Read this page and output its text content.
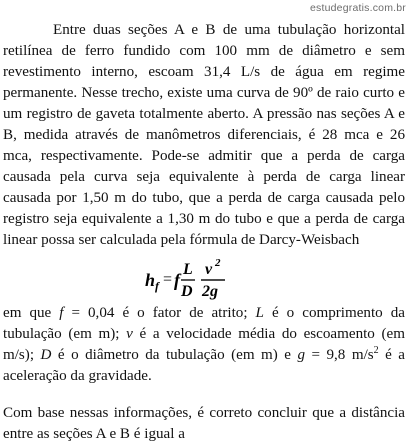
estudegratis.com.br

Entre duas seções A e B de uma tubulação horizontal retilínea de ferro fundido com 100 mm de diâmetro e sem revestimento interno, escoam 31,4 L/s de água em regime permanente. Nesse trecho, existe uma curva de 90º de raio curto e um registro de gaveta totalmente aberto. A pressão nas seções A e B, medida através de manômetros diferenciais, é 28 mca e 26 mca, respectivamente. Pode-se admitir que a perda de carga causada pela curva seja equivalente à perda de carga linear causada por 1,50 m do tubo, que a perda de carga causada pelo registro seja equivalente a 1,30 m do tubo e que a perda de carga linear possa ser calculada pela fórmula de Darcy-Weisbach

h f = f
L
D
v 2
2g

em que f = 0,04 é o fator de atrito; L é o comprimento da tubulação (em m); v é a velocidade média do escoamento (em m/s); D é o diâmetro da tubulação (em m) e g = 9,8 $m/s^2$ é a aceleração da gravidade.

Com base nessas informações, é correto concluir que a distância entre as seções A e B é igual a
